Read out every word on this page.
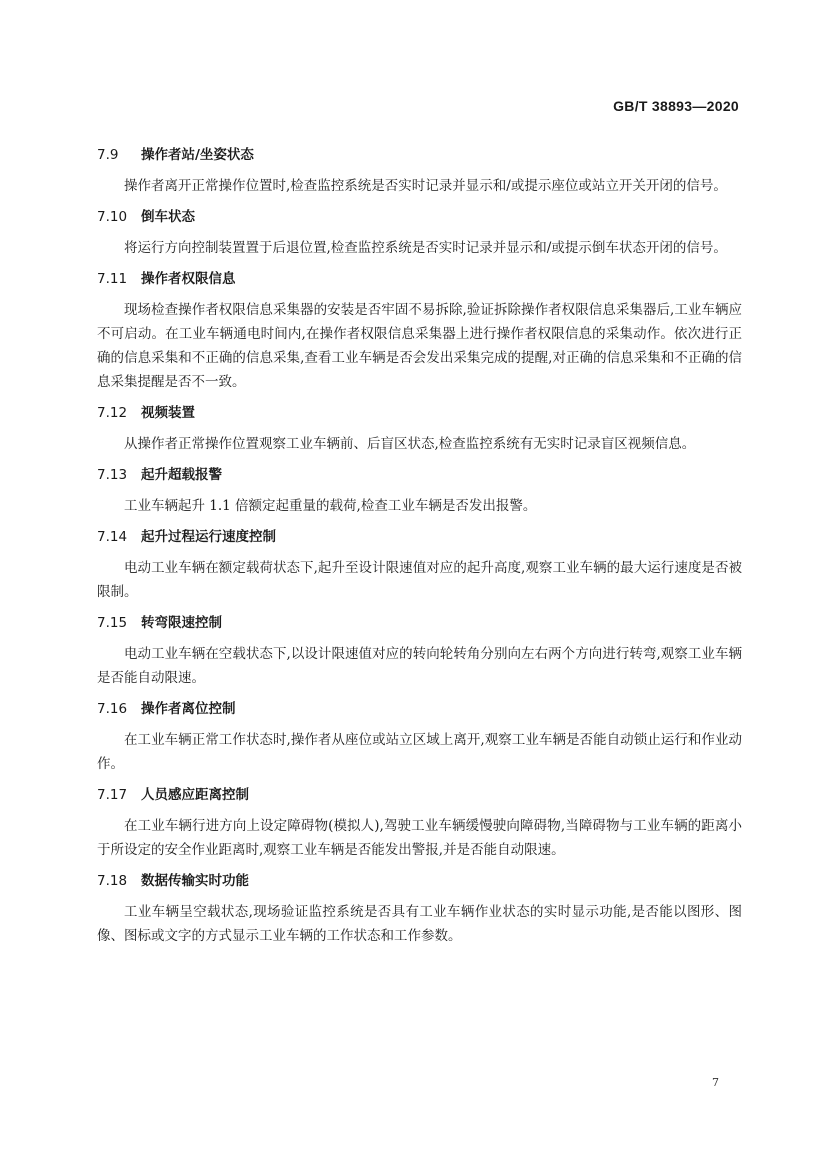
GB/T 38893—2020
7.9	操作者站/坐姿状态

操作者离开正常操作位置时,检查监控系统是否实时记录并显示和/或提示座位或站立开关开闭的信号。

7.10	倒车状态

将运行方向控制装置置于后退位置,检查监控系统是否实时记录并显示和/或提示倒车状态开闭的信号。

7.11	操作者权限信息

现场检查操作者权限信息采集器的安装是否牢固不易拆除,验证拆除操作者权限信息采集器后,工业车辆应不可启动。在工业车辆通电时间内,在操作者权限信息采集器上进行操作者权限信息的采集动作。依次进行正确的信息采集和不正确的信息采集,查看工业车辆是否会发出采集完成的提醒,对正确的信息采集和不正确的信息采集提醒是否不一致。

7.12	视频装置

从操作者正常操作位置观察工业车辆前、后盲区状态,检查监控系统有无实时记录盲区视频信息。

7.13	起升超载报警

工业车辆起升 1.1 倍额定起重量的载荷,检查工业车辆是否发出报警。

7.14	起升过程运行速度控制

电动工业车辆在额定载荷状态下,起升至设计限速值对应的起升高度,观察工业车辆的最大运行速度是否被限制。

7.15	转弯限速控制

电动工业车辆在空载状态下,以设计限速值对应的转向轮转角分别向左右两个方向进行转弯,观察工业车辆是否能自动限速。

7.16	操作者离位控制

在工业车辆正常工作状态时,操作者从座位或站立区域上离开,观察工业车辆是否能自动锁止运行和作业动作。

7.17	人员感应距离控制

在工业车辆行进方向上设定障碍物(模拟人),驾驶工业车辆缓慢驶向障碍物,当障碍物与工业车辆的距离小于所设定的安全作业距离时,观察工业车辆是否能发出警报,并是否能自动限速。

7.18	数据传输实时功能

工业车辆呈空载状态,现场验证监控系统是否具有工业车辆作业状态的实时显示功能,是否能以图形、图像、图标或文字的方式显示工业车辆的工作状态和工作参数。

7
